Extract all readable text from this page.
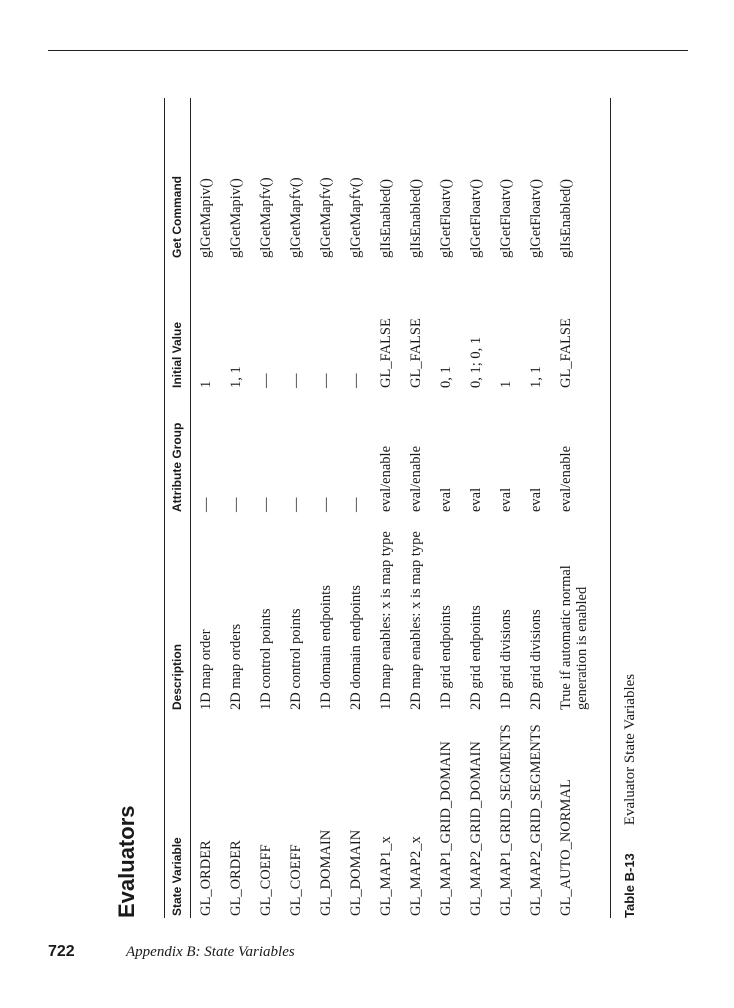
Evaluators	State Variable
Description
Attribute Group
Initial Value
Get Command
GL_ORDER
1D map order
—
1
glGetMapiv()
GL_ORDER
2D map orders
—
1, 1
glGetMapiv()
GL_COEFF
1D control points
—
—
glGetMapfv()
GL_COEFF
2D control points
—
—
glGetMapfv()
GL_DOMAIN
1D domain endpoints
—
—
glGetMapfv()
GL_DOMAIN
2D domain endpoints
—
—
glGetMapfv()
GL_MAP1_x
1D map enables: x is map type
eval/enable
GL_FALSE
glIsEnabled()
GL_MAP2_x
2D map enables: x is map type
eval/enable
GL_FALSE
glIsEnabled()
GL_MAP1_GRID_DOMAIN
1D grid endpoints
eval
0, 1
glGetFloatv()
GL_MAP2_GRID_DOMAIN
2D grid endpoints
eval
0, 1; 0, 1
glGetFloatv()
GL_MAP1_GRID_SEGMENTS
1D grid divisions
eval
1
glGetFloatv()
GL_MAP2_GRID_SEGMENTS
2D grid divisions
eval
1, 1
glGetFloatv()
GL_AUTO_NORMAL
True if automatic normal generation is enabled
eval/enable
GL_FALSE
glIsEnabled()
Table B-13Evaluator State Variables
722	Appendix B: State Variables
